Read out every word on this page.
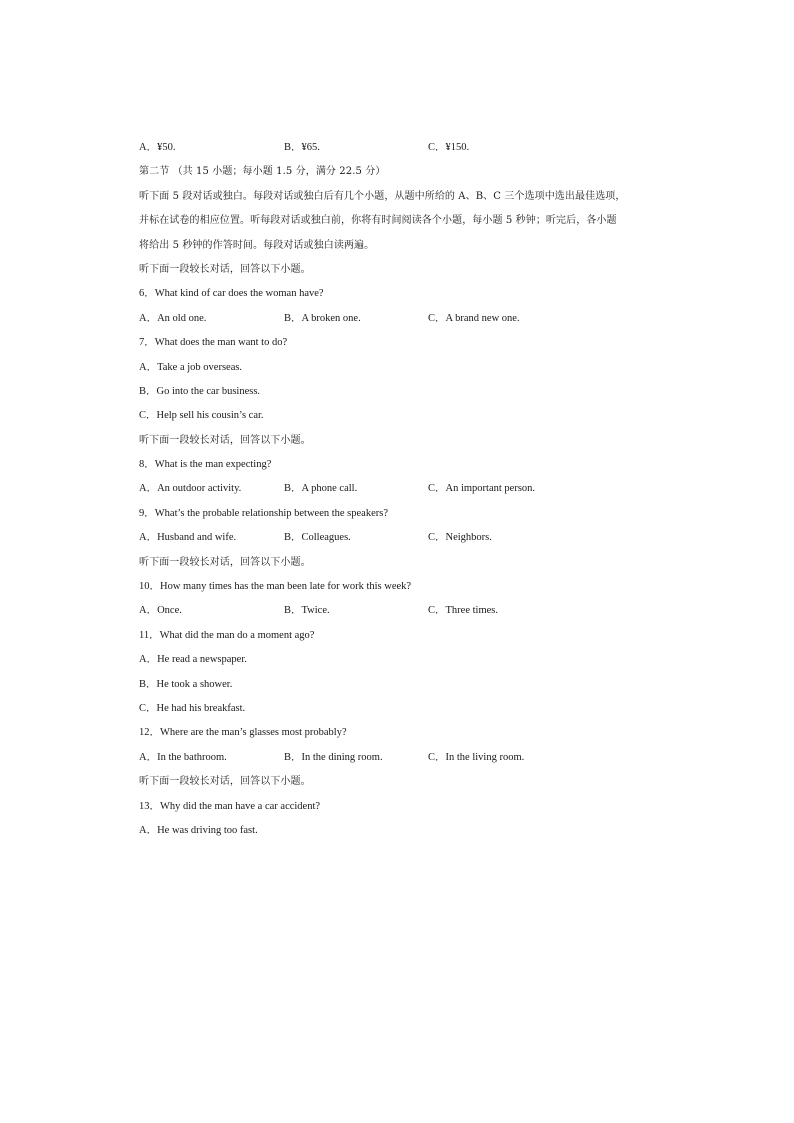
A．¥50.	B．¥65.	C．¥150.
第二节 （共 15 小题；每小题 1.5 分，满分 22.5 分）
听下面 5 段对话或独白。每段对话或独白后有几个小题，从题中所给的 A、B、C 三个选项中选出最佳选项，
并标在试卷的相应位置。听每段对话或独白前，你将有时间阅读各个小题，每小题 5 秒钟；听完后，各小题
将给出 5 秒钟的作答时间。每段对话或独白读两遍。
听下面一段较长对话，回答以下小题。
6．What kind of car does the woman have?
A．An old one.	B．A broken one.	C．A brand new one.
7．What does the man want to do?
A．Take a job overseas.
B．Go into the car business.
C．Help sell his cousin’s car.
听下面一段较长对话，回答以下小题。
8．What is the man expecting?
A．An outdoor activity.	B．A phone call.	C．An important person.
9．What’s the probable relationship between the speakers?
A．Husband and wife.	B．Colleagues.	C．Neighbors.
听下面一段较长对话，回答以下小题。
10．How many times has the man been late for work this week?
A．Once.	B．Twice.	C．Three times.
11．What did the man do a moment ago?
A．He read a newspaper.
B．He took a shower.
C．He had his breakfast.
12．Where are the man’s glasses most probably?
A．In the bathroom.	B．In the dining room.	C．In the living room.
听下面一段较长对话，回答以下小题。
13．Why did the man have a car accident?
A．He was driving too fast.
